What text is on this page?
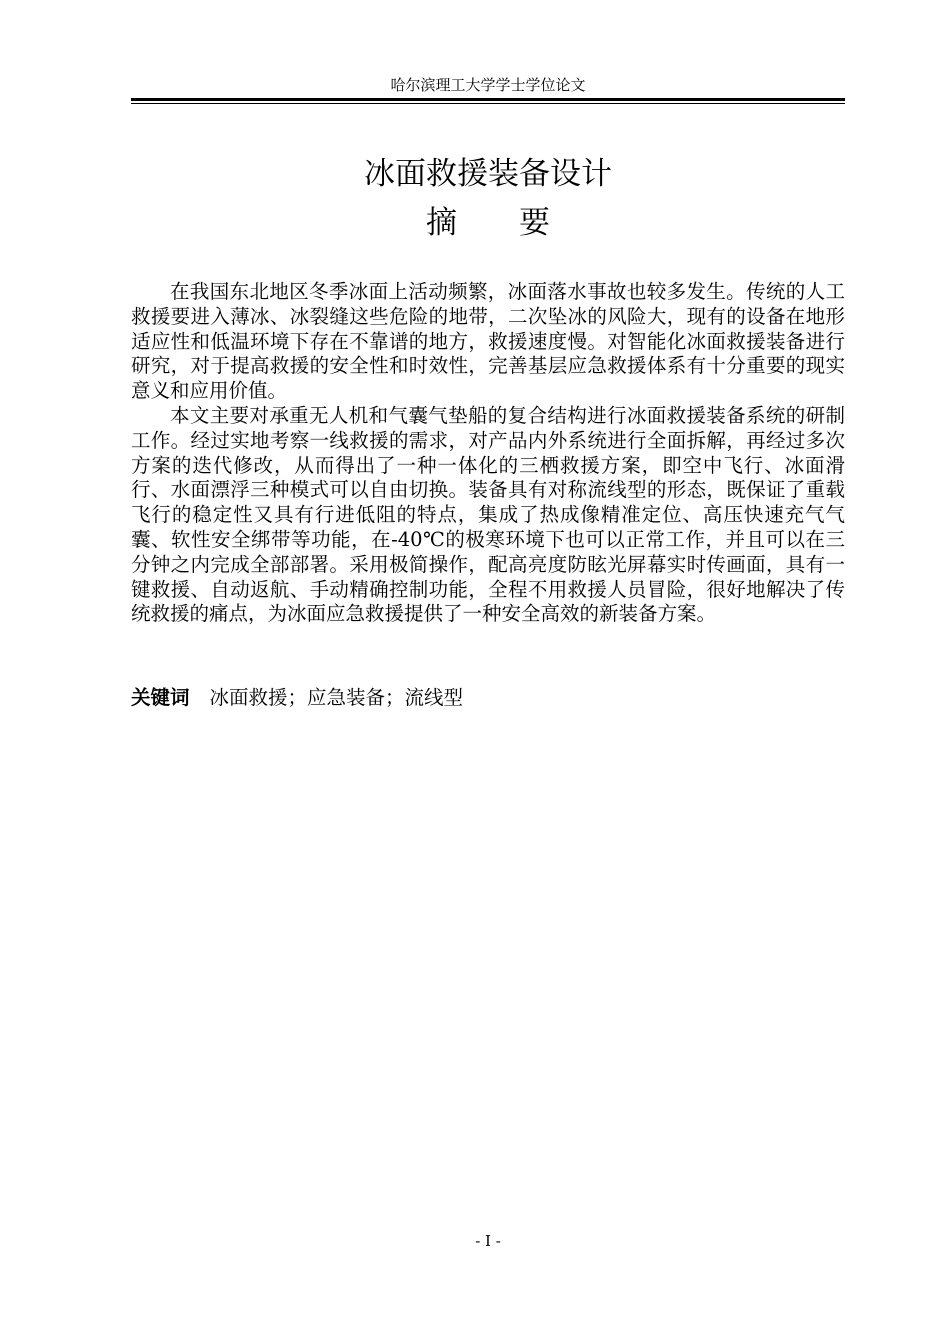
哈尔滨理工大学学士学位论文
冰面救援装备设计
摘要

在我国东北地区冬季冰面上活动频繁，冰面落水事故也较多发生。传统的人工救援要进入薄冰、冰裂缝这些危险的地带，二次坠冰的风险大，现有的设备在地形适应性和低温环境下存在不靠谱的地方，救援速度慢。对智能化冰面救援装备进行研究，对于提高救援的安全性和时效性，完善基层应急救援体系有十分重要的现实意义和应用价值。

本文主要对承重无人机和气囊气垫船的复合结构进行冰面救援装备系统的研制工作。经过实地考察一线救援的需求，对产品内外系统进行全面拆解，再经过多次方案的迭代修改，从而得出了一种一体化的三栖救援方案，即空中飞行、冰面滑行、水面漂浮三种模式可以自由切换。装备具有对称流线型的形态，既保证了重载飞行的稳定性又具有行进低阻的特点，集成了热成像精准定位、高压快速充气气囊、软性安全绑带等功能，在-40℃的极寒环境下也可以正常工作，并且可以在三分钟之内完成全部部署。采用极简操作，配高亮度防眩光屏幕实时传画面，具有一键救援、自动返航、手动精确控制功能，全程不用救援人员冒险，很好地解决了传统救援的痛点，为冰面应急救援提供了一种安全高效的新装备方案。

关键词 冰面救援；应急装备；流线型
- I -
